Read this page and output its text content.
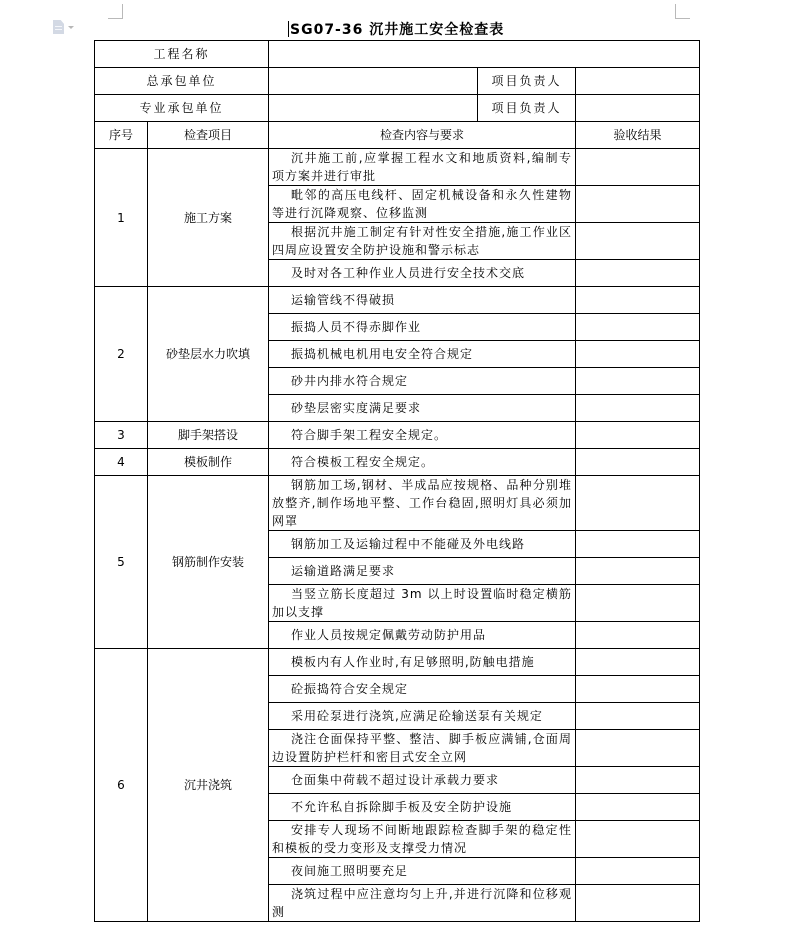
SG07-36 沉井施工安全检查表
工程名称				
总承包单位			项目负责人	
专业承包单位			项目负责人	
序号	检查项目	检查内容与要求		验收结果
1	施工方案	沉井施工前,应掌握工程水文和地质资料,编制专项方案并进行审批		
		毗邻的高压电线杆、固定机械设备和永久性建物等进行沉降观察、位移监测		
		根据沉井施工制定有针对性安全措施,施工作业区四周应设置安全防护设施和警示标志		
		及时对各工种作业人员进行安全技术交底		
2	砂垫层水力吹填	运输管线不得破损		
		振捣人员不得赤脚作业		
		振捣机械电机用电安全符合规定		
		砂井内排水符合规定		
		砂垫层密实度满足要求		
3	脚手架搭设	符合脚手架工程安全规定。		
4	模板制作	符合模板工程安全规定。		
5	钢筋制作安装	钢筋加工场,钢材、半成品应按规格、品种分别堆放整齐,制作场地平整、工作台稳固,照明灯具必须加网罩		
		钢筋加工及运输过程中不能碰及外电线路		
		运输道路满足要求		
		当竖立筋长度超过 3m 以上时设置临时稳定横筋加以支撑		
		作业人员按规定佩戴劳动防护用品		
6	沉井浇筑	模板内有人作业时,有足够照明,防触电措施		
		砼振捣符合安全规定		
		采用砼泵进行浇筑,应满足砼输送泵有关规定		
		浇注仓面保持平整、整洁、脚手板应满铺,仓面周边设置防护栏杆和密目式安全立网		
		仓面集中荷载不超过设计承载力要求		
		不允许私自拆除脚手板及安全防护设施		
		安排专人现场不间断地跟踪检查脚手架的稳定性和模板的受力变形及支撑受力情况		
		夜间施工照明要充足		
		浇筑过程中应注意均匀上升,并进行沉降和位移观测		
